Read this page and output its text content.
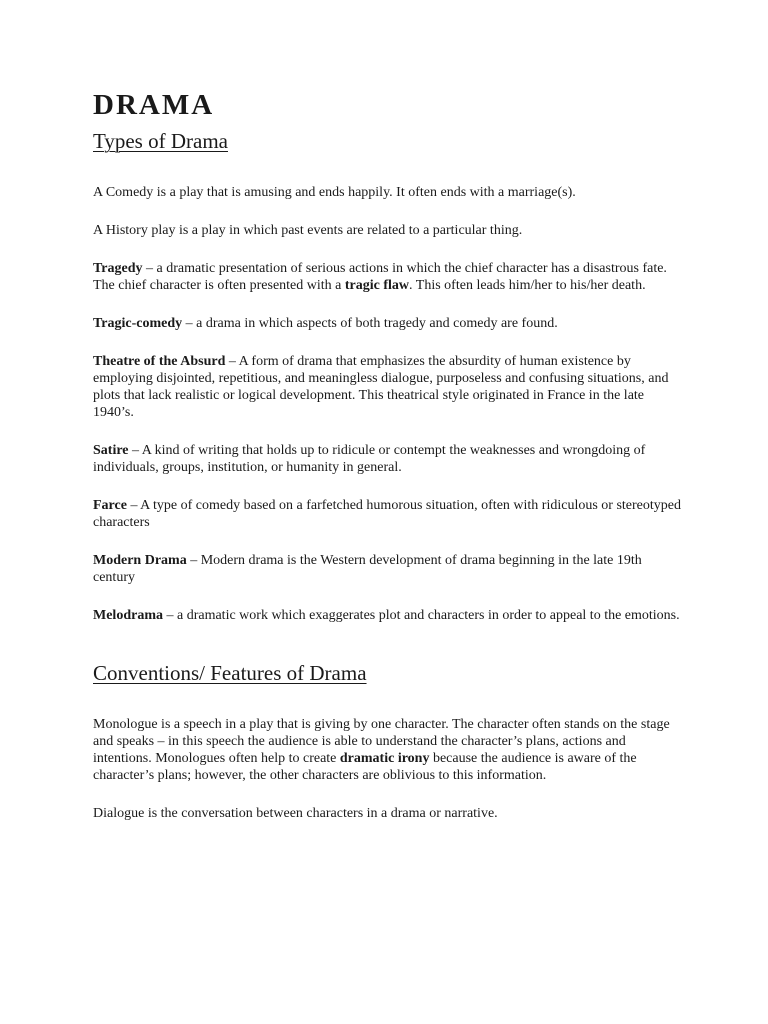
DRAMA
Types of Drama

A Comedy is a play that is amusing and ends happily. It often ends with a marriage(s).

A History play is a play in which past events are related to a particular thing.

Tragedy – a dramatic presentation of serious actions in which the chief character has a disastrous fate. The chief character is often presented with a tragic flaw. This often leads him/her to his/her death.

Tragic-comedy – a drama in which aspects of both tragedy and comedy are found.

Theatre of the Absurd – A form of drama that emphasizes the absurdity of human existence by employing disjointed, repetitious, and meaningless dialogue, purposeless and confusing situations, and plots that lack realistic or logical development. This theatrical style originated in France in the late 1940’s.

Satire – A kind of writing that holds up to ridicule or contempt the weaknesses and wrongdoing of individuals, groups, institution, or humanity in general.

Farce – A type of comedy based on a farfetched humorous situation, often with ridiculous or stereotyped characters

Modern Drama – Modern drama is the Western development of drama beginning in the late 19th century

Melodrama – a dramatic work which exaggerates plot and characters in order to appeal to the emotions.

Conventions/ Features of Drama

Monologue is a speech in a play that is giving by one character. The character often stands on the stage and speaks – in this speech the audience is able to understand the character’s plans, actions and intentions. Monologues often help to create dramatic irony because the audience is aware of the character’s plans; however, the other characters are oblivious to this information.

Dialogue is the conversation between characters in a drama or narrative.
